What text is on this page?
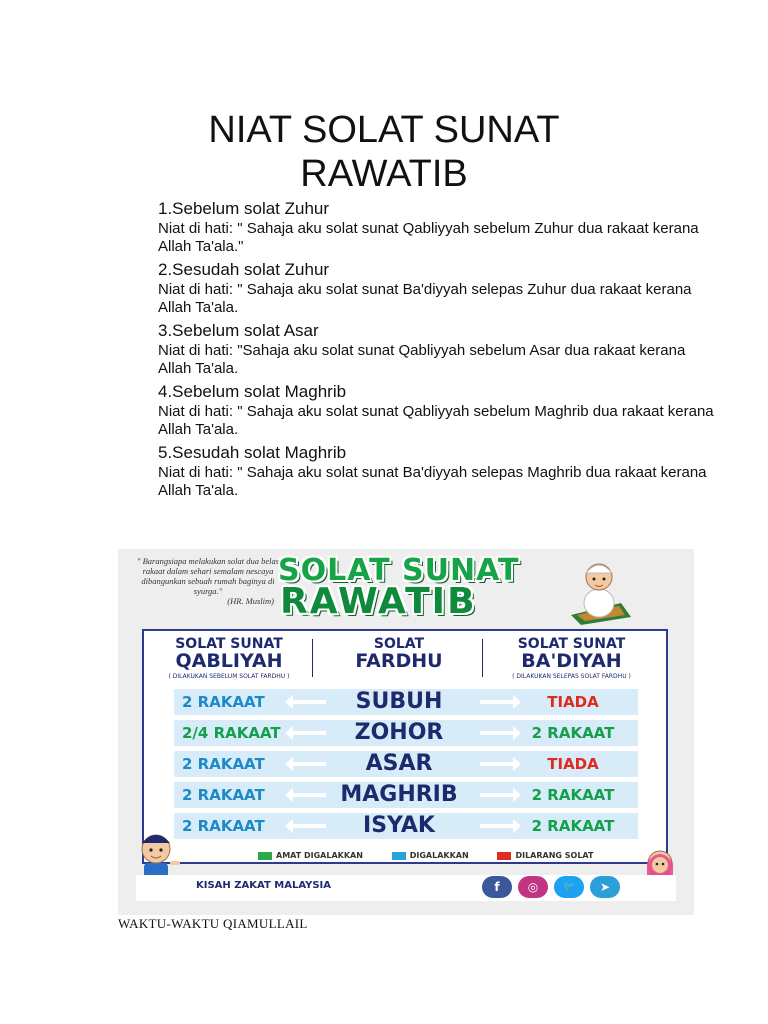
NIAT SOLAT SUNAT
RAWATIB
1.Sebelum solat Zuhur
Niat di hati: " Sahaja aku solat sunat Qabliyyah sebelum Zuhur dua rakaat kerana Allah Ta'ala."
2.Sesudah solat Zuhur
Niat di hati: " Sahaja aku solat sunat Ba'diyyah selepas Zuhur dua rakaat kerana Allah Ta'ala.
3.Sebelum solat Asar
Niat di hati: "Sahaja aku solat sunat Qabliyyah sebelum Asar dua rakaat kerana Allah Ta'ala.
4.Sebelum solat Maghrib
Niat di hati: " Sahaja aku solat sunat Qabliyyah sebelum Maghrib dua rakaat kerana Allah Ta'ala.
5.Sesudah solat Maghrib
Niat di hati: " Sahaja aku solat sunat Ba'diyyah selepas Maghrib dua rakaat kerana Allah Ta'ala.
" Barangsiapa melakukan solat dua belas rakaat dalam sehari semalam nescaya dibangunkan sebuah rumah baginya di syurga."
(HR. Muslim)
SOLAT SUNAT
RAWATIB
SOLAT SUNAT
QABLIYAH
( DILAKUKAN SEBELUM SOLAT FARDHU )
SOLAT
FARDHU
SOLAT SUNAT
BA'DIYAH
( DILAKUKAN SELEPAS SOLAT FARDHU )
2 RAKAAT	SUBUH	TIADA
2/4 RAKAAT	ZOHOR	2 RAKAAT
2 RAKAAT	ASAR	TIADA
2 RAKAAT	MAGHRIB	2 RAKAAT
2 RAKAAT	ISYAK	2 RAKAAT
AMAT DIGALAKKAN	DIGALAKKAN	DILARANG SOLAT
KISAH ZAKAT MALAYSIA	f	◎	🐦	➤
WAKTU-WAKTU QIAMULLAIL
